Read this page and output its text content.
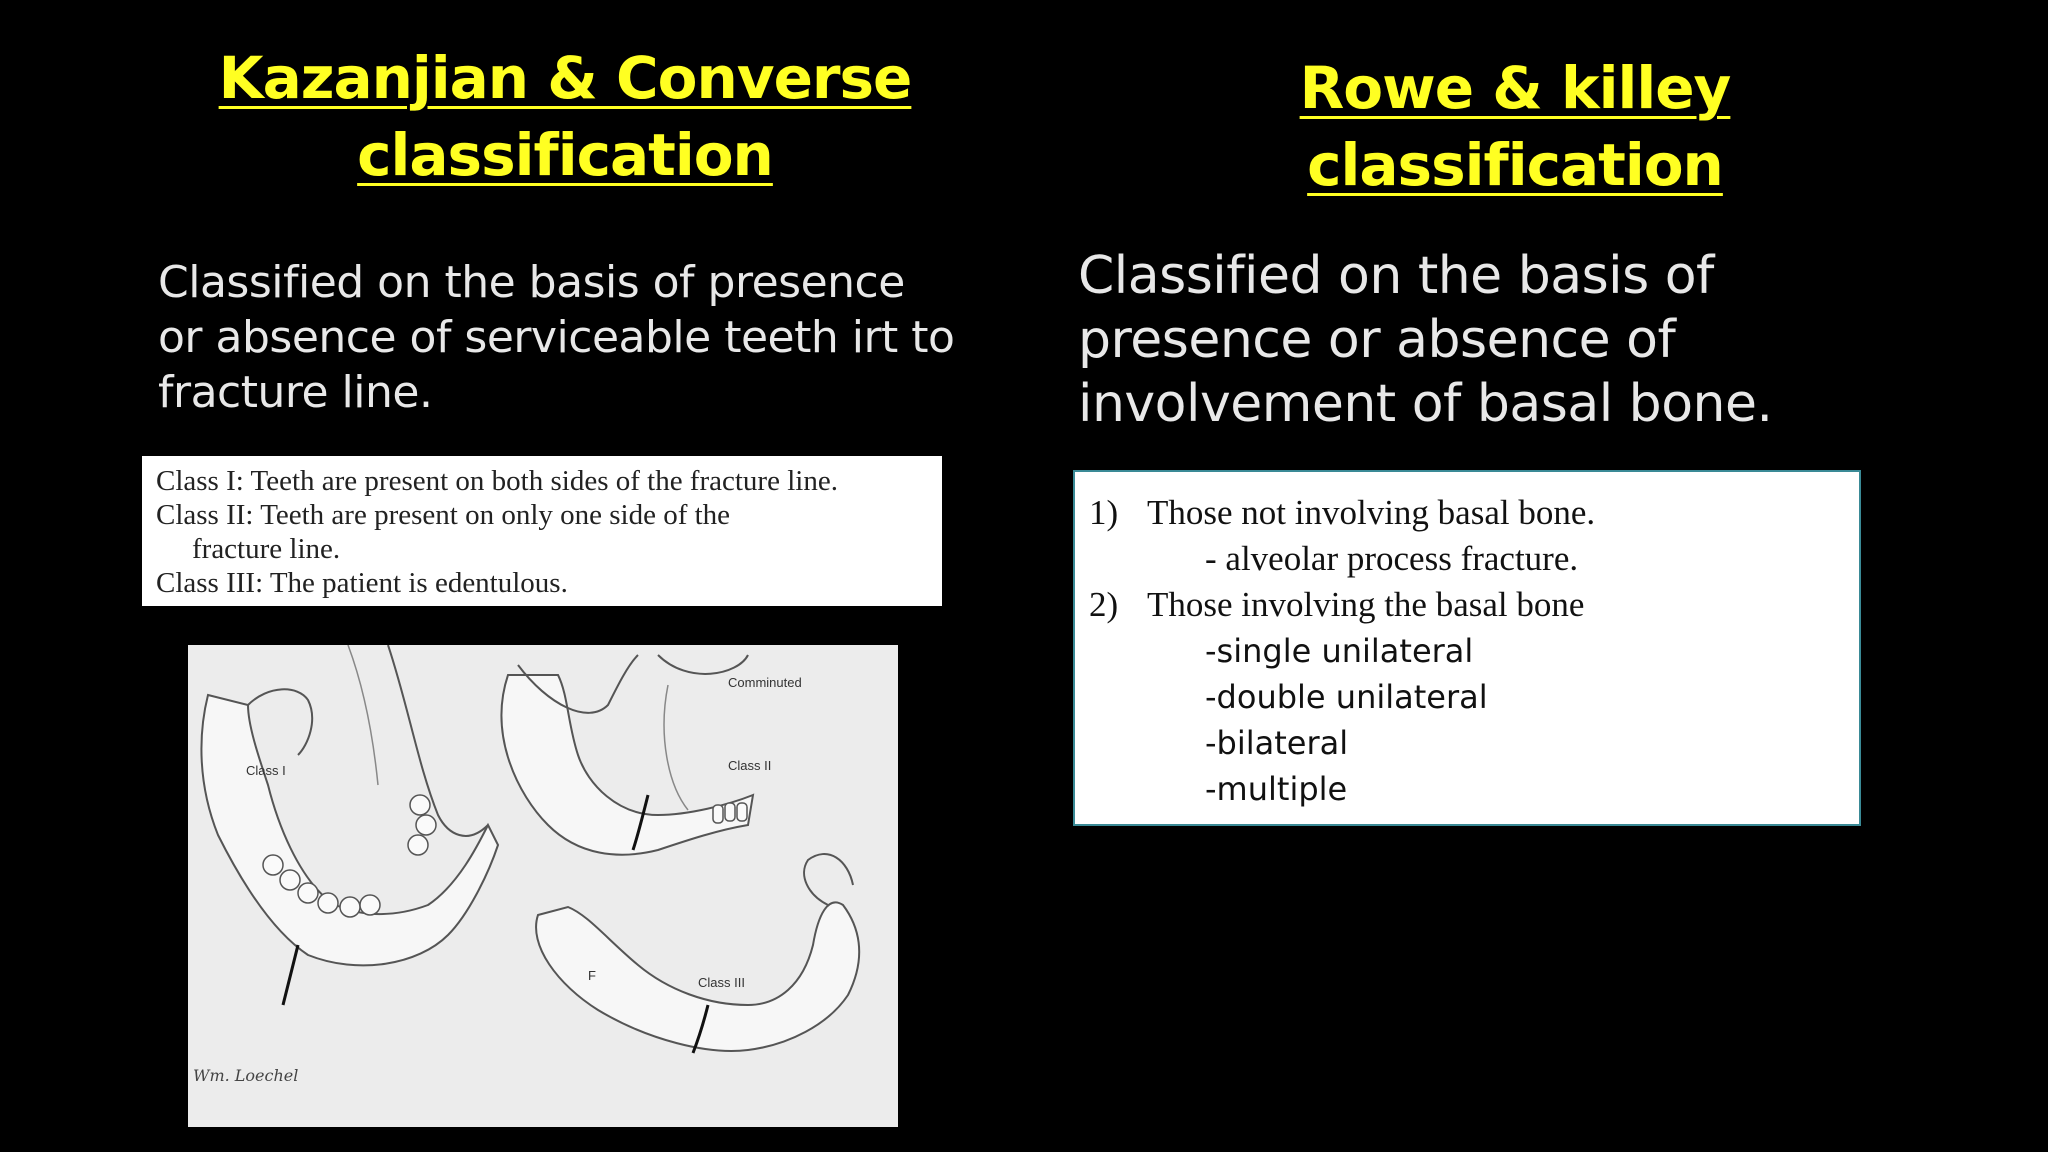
Kazanjian & Converse
classification
Rowe & killey classification

Classified on the basis of presence or absence of serviceable teeth irt to fracture line.

Classified on the basis of
presence or absence of
involvement of basal bone.

Class I: Teeth are present on both sides of the fracture line.
Class II: Teeth are present on only one side of the
fracture line.
Class III: The patient is edentulous.
Class I
Comminuted
Class II
F	Class III
Wm. Loechel
1) Those not involving basal bone.
- alveolar process fracture.
2) Those involving the basal bone
-single unilateral
-double unilateral
-bilateral
-multiple
